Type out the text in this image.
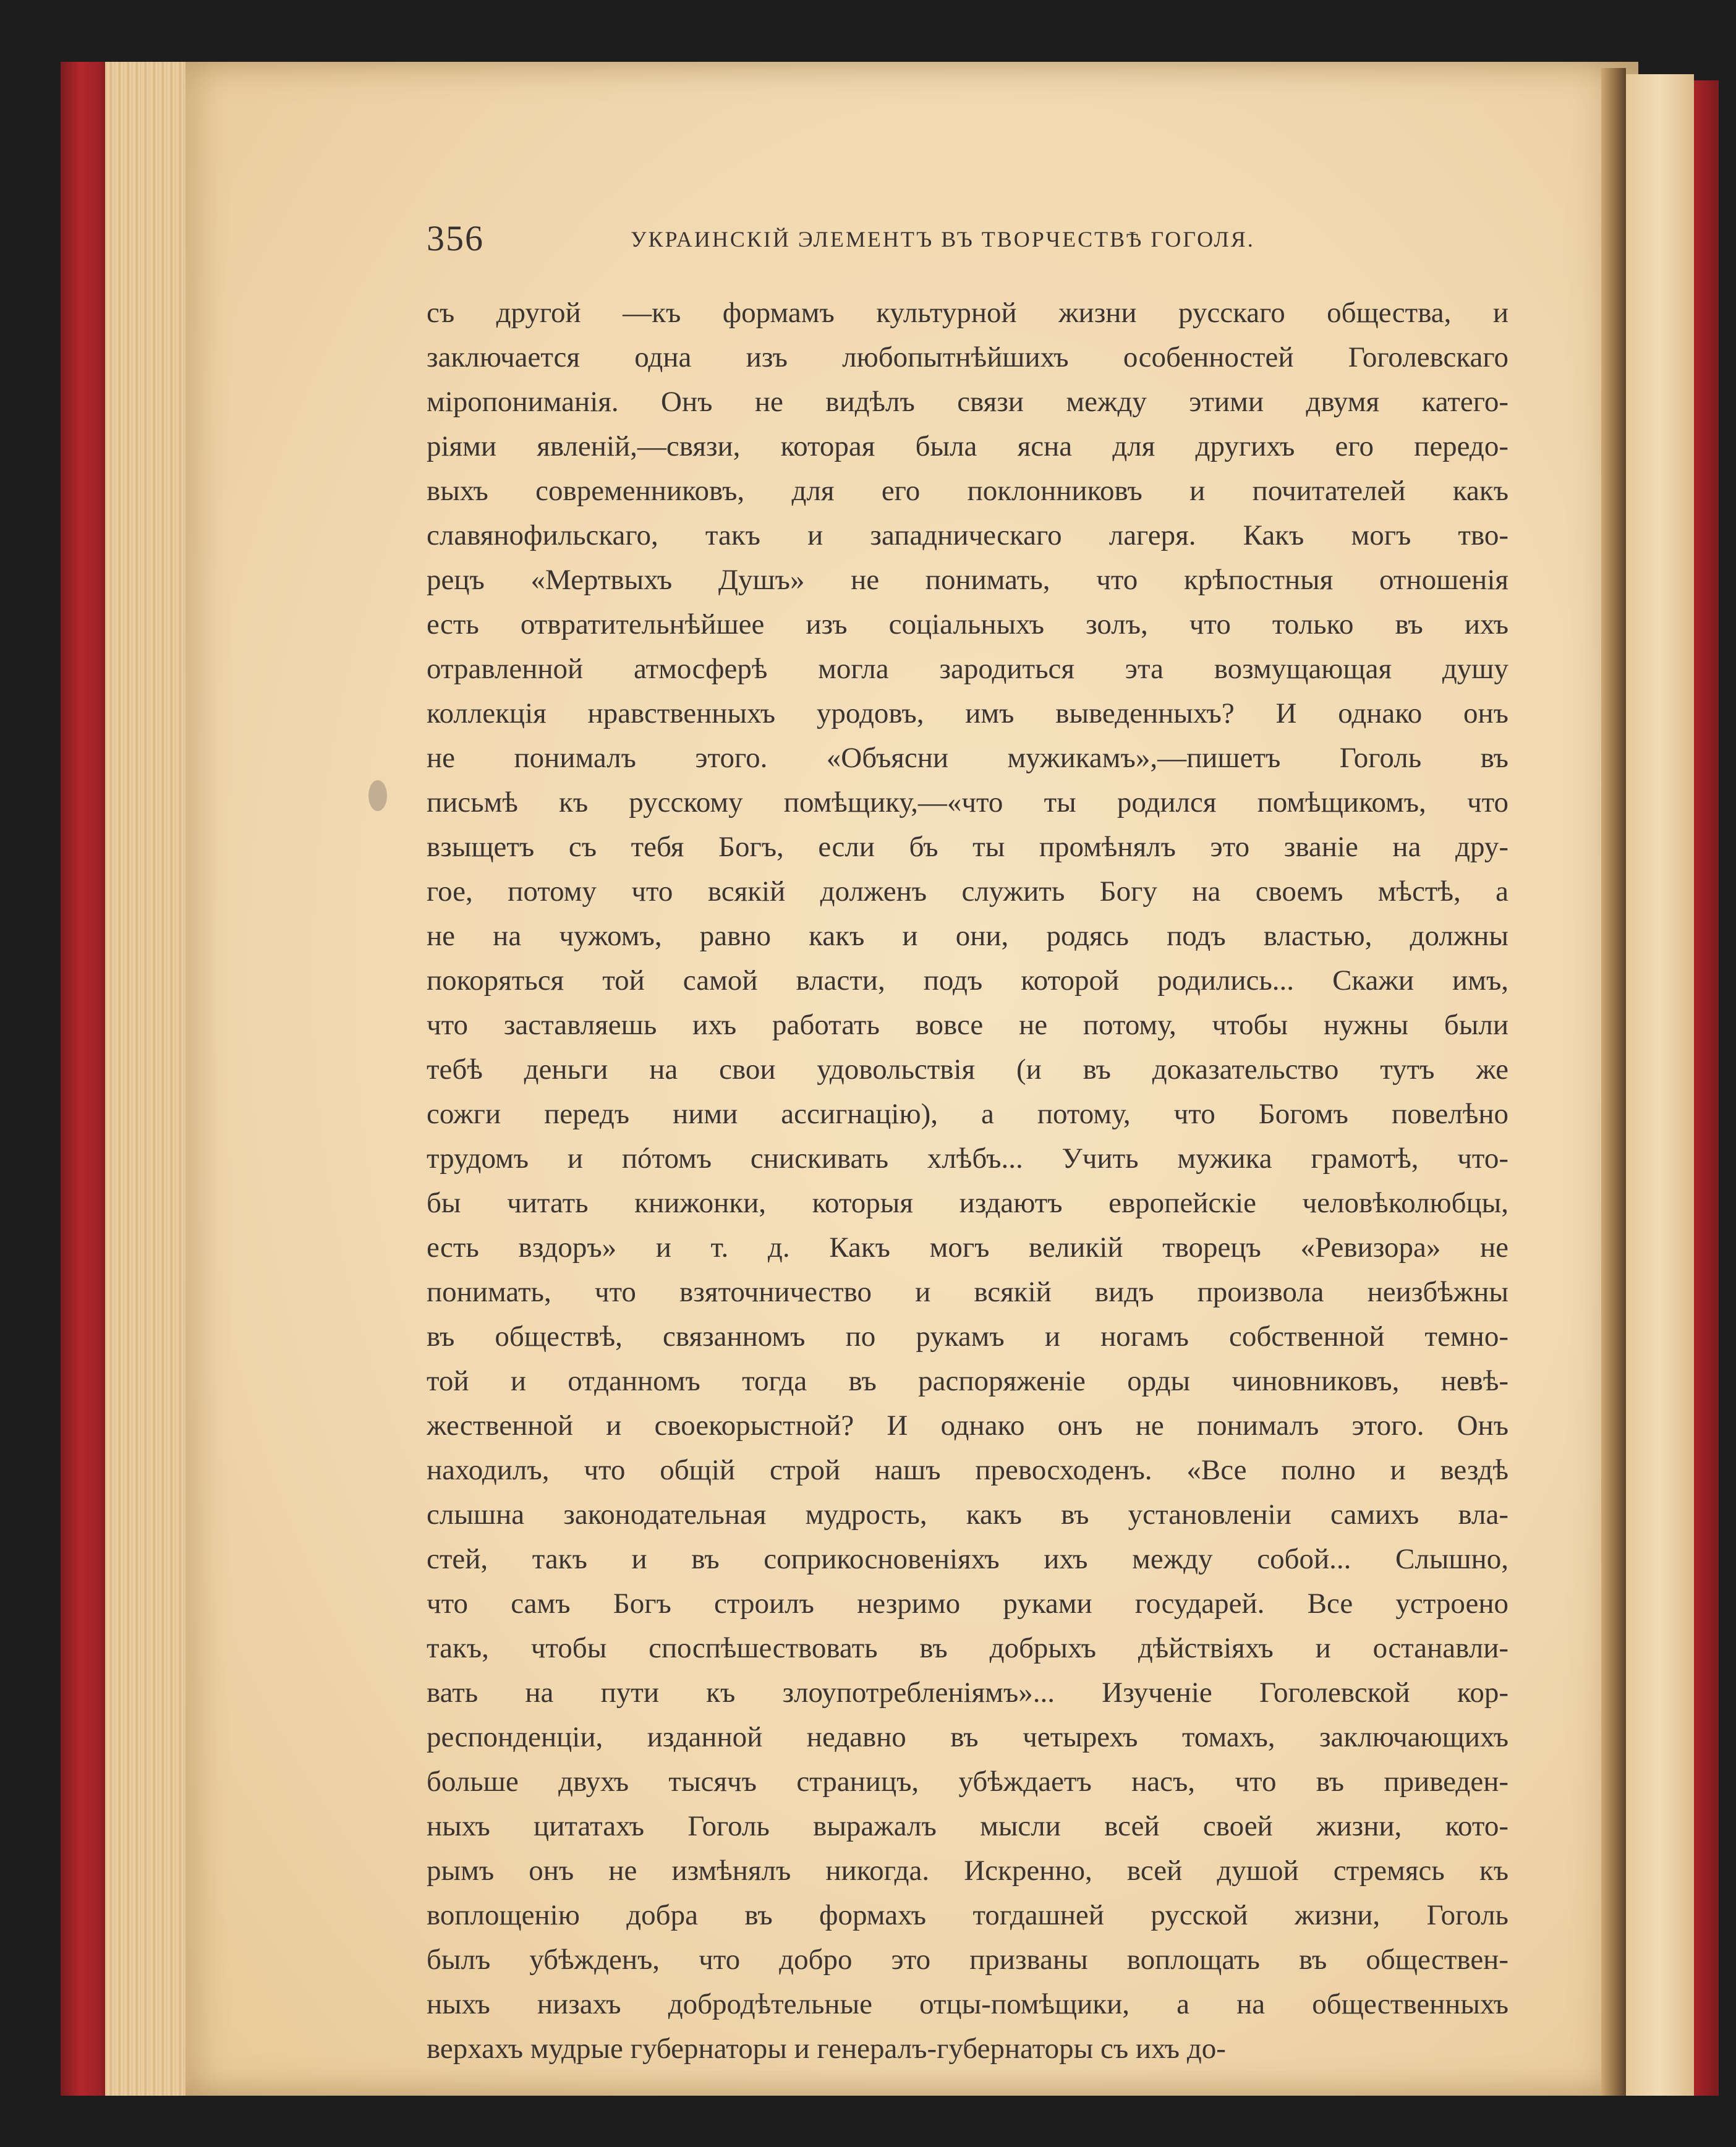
356	УКРАИНСКІЙ ЭЛЕМЕНТЪ ВЪ ТВОРЧЕСТВѢ ГОГОЛЯ.
съ другой —къ формамъ культурной жизни русскаго общества, и
заключается одна изъ любопытнѣйшихъ особенностей Гоголевскаго
міропониманія. Онъ не видѣлъ связи между этими двумя катего-
ріями явленій,—связи, которая была ясна для другихъ его передо-
выхъ современниковъ, для его поклонниковъ и почитателей какъ
славянофильскаго, такъ и западническаго лагеря. Какъ могъ тво-
рецъ «Мертвыхъ Душъ» не понимать, что крѣпостныя отношенія
есть отвратительнѣйшее изъ соціальныхъ золъ, что только въ ихъ
отравленной атмосферѣ могла зародиться эта возмущающая душу
коллекція нравственныхъ уродовъ, имъ выведенныхъ? И однако онъ
не понималъ этого. «Объясни мужикамъ»,—пишетъ Гоголь въ
письмѣ къ русскому помѣщику,—«что ты родился помѣщикомъ, что
взыщетъ съ тебя Богъ, если бъ ты промѣнялъ это званіе на дру-
гое, потому что всякій долженъ служить Богу на своемъ мѣстѣ, а
не на чужомъ, равно какъ и они, родясь подъ властью, должны
покоряться той самой власти, подъ которой родились... Скажи имъ,
что заставляешь ихъ работать вовсе не потому, чтобы нужны были
тебѣ деньги на свои удовольствія (и въ доказательство тутъ же
сожги передъ ними ассигнацію), а потому, что Богомъ повелѣно
трудомъ и пóтомъ снискивать хлѣбъ... Учить мужика грамотѣ, что-
бы читать книжонки, которыя издаютъ европейскіе человѣколюбцы,
есть вздоръ» и т. д. Какъ могъ великій творецъ «Ревизора» не
понимать, что взяточничество и всякій видъ произвола неизбѣжны
въ обществѣ, связанномъ по рукамъ и ногамъ собственной темно-
той и отданномъ тогда въ распоряженіе орды чиновниковъ, невѣ-
жественной и своекорыстной? И однако онъ не понималъ этого. Онъ
находилъ, что общій строй нашъ превосходенъ. «Все полно и вездѣ
слышна законодательная мудрость, какъ въ установленіи самихъ вла-
стей, такъ и въ соприкосновеніяхъ ихъ между собой... Слышно,
что самъ Богъ строилъ незримо руками государей. Все устроено
такъ, чтобы споспѣшествовать въ добрыхъ дѣйствіяхъ и останавли-
вать на пути къ злоупотребленіямъ»... Изученіе Гоголевской кор-
респонденціи, изданной недавно въ четырехъ томахъ, заключающихъ
больше двухъ тысячъ страницъ, убѣждаетъ насъ, что въ приведен-
ныхъ цитатахъ Гоголь выражалъ мысли всей своей жизни, кото-
рымъ онъ не измѣнялъ никогда. Искренно, всей душой стремясь къ
воплощенію добра въ формахъ тогдашней русской жизни, Гоголь
былъ убѣжденъ, что добро это призваны воплощать въ обществен-
ныхъ низахъ добродѣтельные отцы-помѣщики, а на общественныхъ
верхахъ мудрые губернаторы и генералъ-губернаторы съ ихъ до-
